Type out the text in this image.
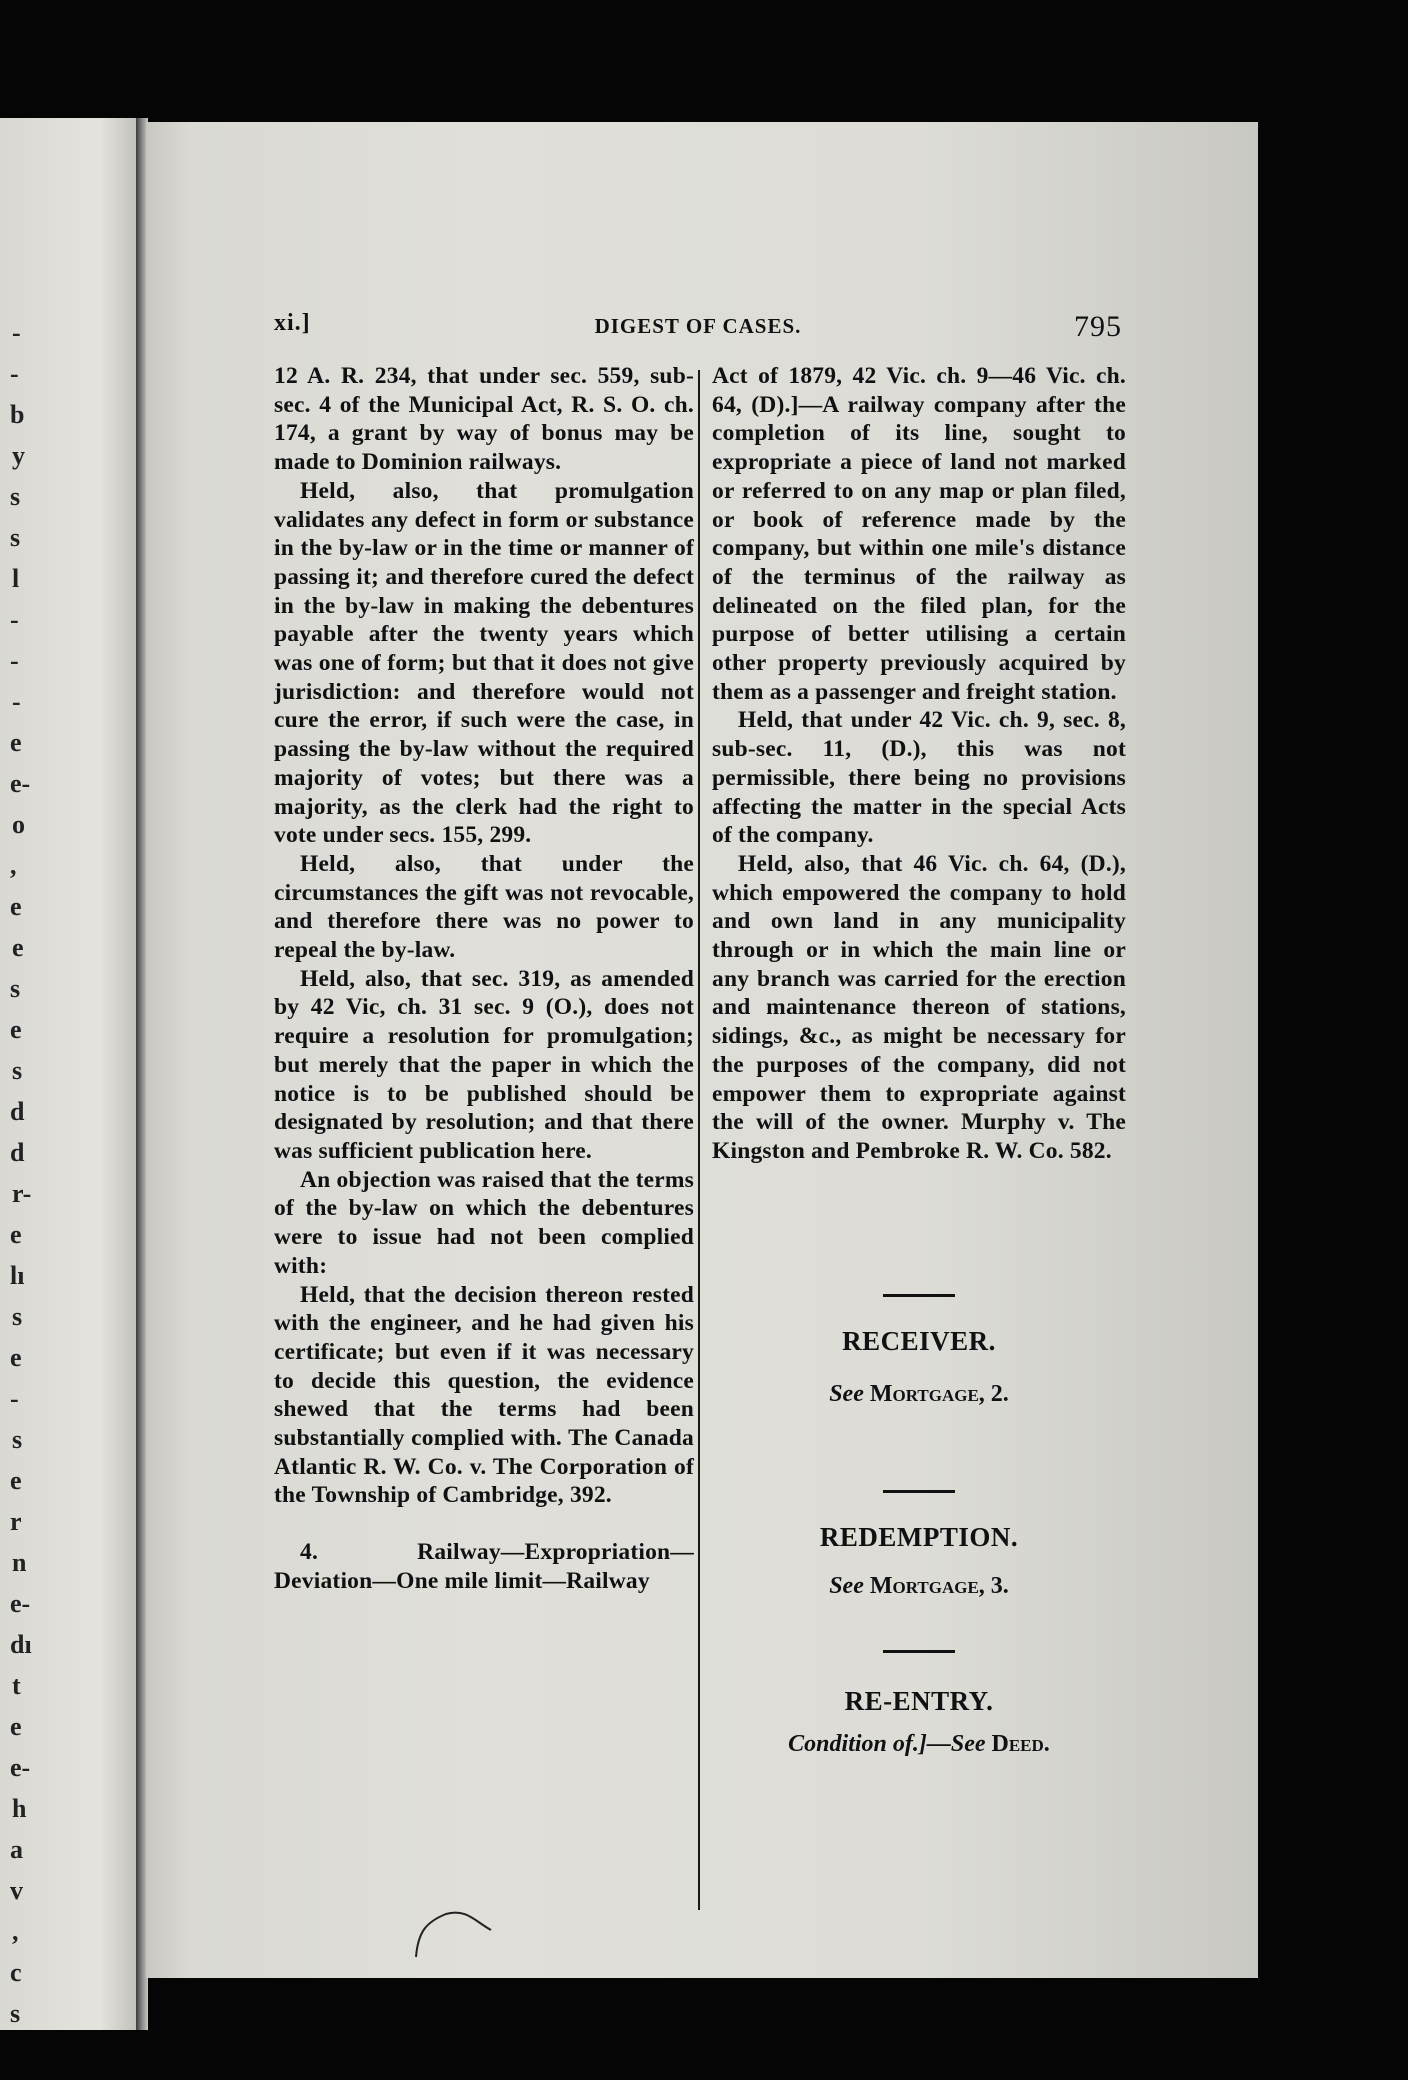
-
-
b
y
s
s
l
-
-
-
e
e-
o
,
e
e
s
e
s
d
d
r-
e
lı
s
e
-
s
e
r
n
e-
dı
t
e
e-
h
a
v
,
c
s
xi.]	DIGEST OF CASES.	795

12 A. R. 234, that under sec. 559, sub-sec. 4 of the Municipal Act, R. S. O. ch. 174, a grant by way of bonus may be made to Dominion railways.

Held, also, that promulgation validates any defect in form or substance in the by-law or in the time or manner of passing it; and therefore cured the defect in the by-law in making the debentures payable after the twenty years which was one of form; but that it does not give jurisdiction: and therefore would not cure the error, if such were the case, in passing the by-law without the required majority of votes; but there was a majority, as the clerk had the right to vote under secs. 155, 299.

Held, also, that under the circumstances the gift was not revocable, and therefore there was no power to repeal the by-law.

Held, also, that sec. 319, as amended by 42 Vic, ch. 31 sec. 9 (O.), does not require a resolution for promulgation; but merely that the paper in which the notice is to be published should be designated by resolution; and that there was sufficient publication here.

An objection was raised that the terms of the by-law on which the debentures were to issue had not been complied with:

Held, that the decision thereon rested with the engineer, and he had given his certificate; but even if it was necessary to decide this question, the evidence shewed that the terms had been substantially complied with. The Canada Atlantic R. W. Co. v. The Corporation of the Township of Cambridge, 392.

4. Railway—Expropriation—Deviation—One mile limit—Railway

Act of 1879, 42 Vic. ch. 9—46 Vic. ch. 64, (D).]—A railway company after the completion of its line, sought to expropriate a piece of land not marked or referred to on any map or plan filed, or book of reference made by the company, but within one mile's distance of the terminus of the railway as delineated on the filed plan, for the purpose of better utilising a certain other property previously acquired by them as a passenger and freight station.

Held, that under 42 Vic. ch. 9, sec. 8, sub-sec. 11, (D.), this was not permissible, there being no provisions affecting the matter in the special Acts of the company.

Held, also, that 46 Vic. ch. 64, (D.), which empowered the company to hold and own land in any municipality through or in which the main line or any branch was carried for the erection and maintenance thereon of stations, sidings, &c., as might be necessary for the purposes of the company, did not empower them to expropriate against the will of the owner. Murphy v. The Kingston and Pembroke R. W. Co. 582.

RECEIVER.
See Mortgage, 2.
REDEMPTION.
See Mortgage, 3.
RE-ENTRY.
Condition of.]—See Deed.
